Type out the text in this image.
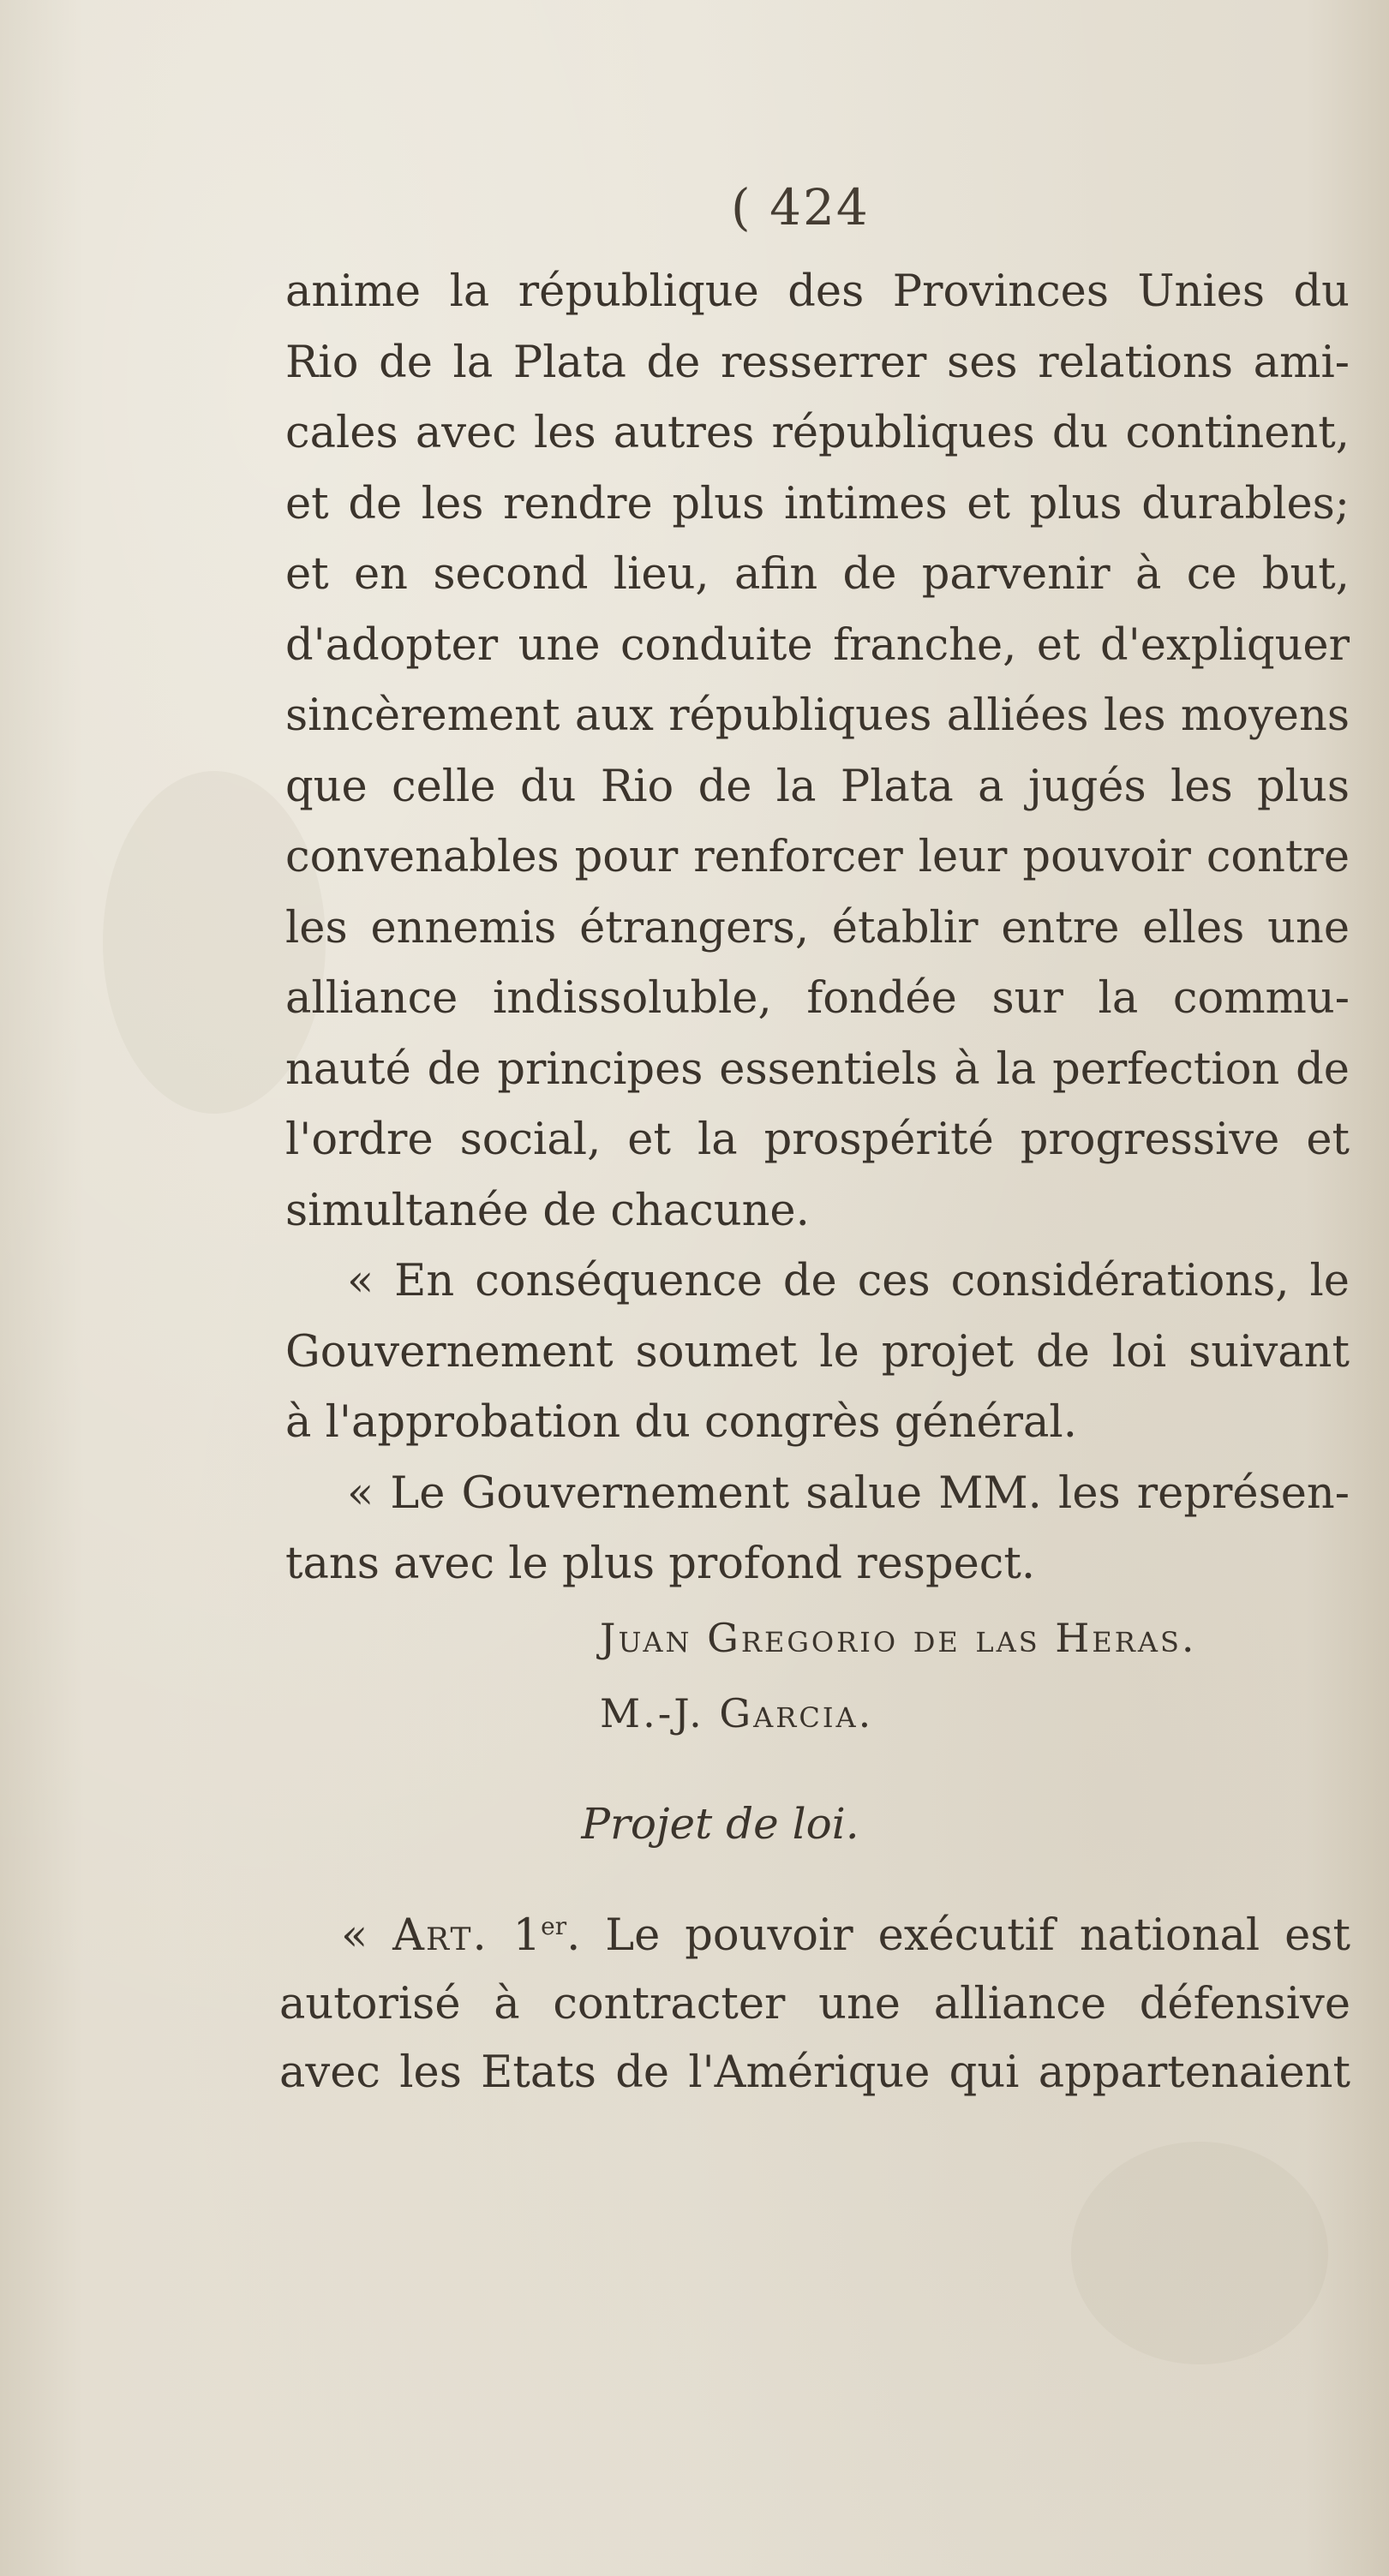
( 424
anime la république des Provinces Unies du
Rio de la Plata de resserrer ses relations ami-
cales avec les autres républiques du continent,
et de les rendre plus intimes et plus durables;
et en second lieu, afin de parvenir à ce but,
d'adopter une conduite franche, et d'expliquer
sincèrement aux républiques alliées les moyens
que celle du Rio de la Plata a jugés les plus
convenables pour renforcer leur pouvoir contre
les ennemis étrangers, établir entre elles une
alliance indissoluble, fondée sur la commu-
nauté de principes essentiels à la perfection de
l'ordre social, et la prospérité progressive et
simultanée de chacune.
« En conséquence de ces considérations, le
Gouvernement soumet le projet de loi suivant
à l'approbation du congrès général.
« Le Gouvernement salue MM. les représen-
tans avec le plus profond respect.
Juan Gregorio de las Heras.
M.-J. Garcia.
Projet de loi.
« Art. 1er. Le pouvoir exécutif national est
autorisé à contracter une alliance défensive
avec les Etats de l'Amérique qui appartenaient
